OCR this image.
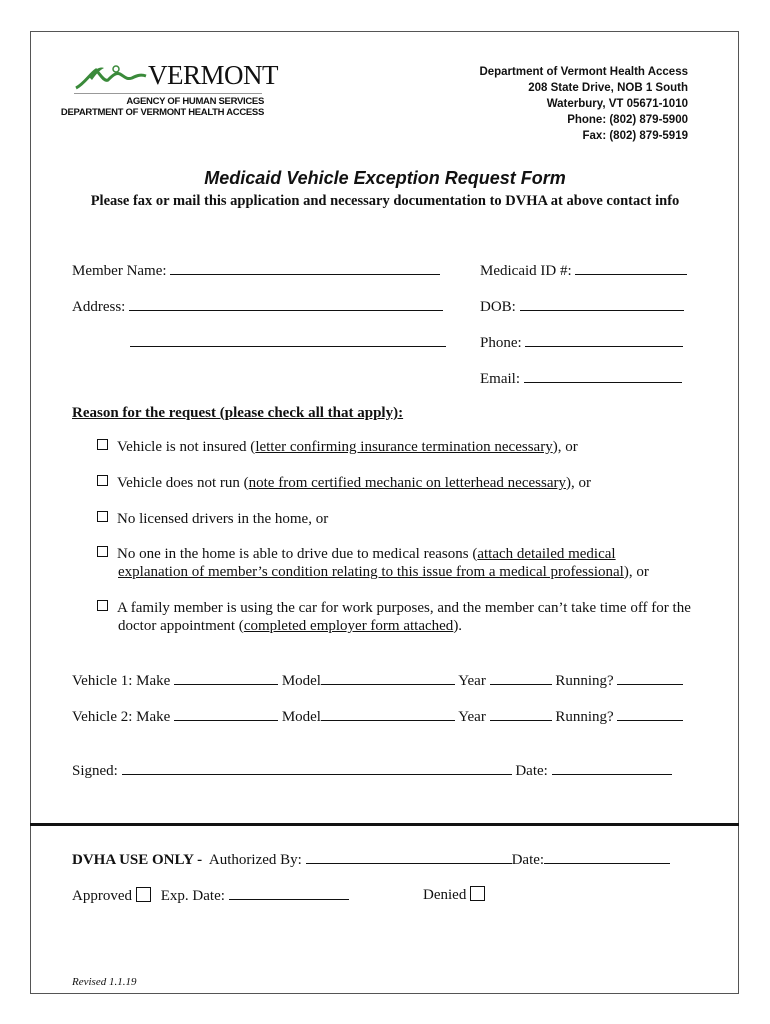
VERMONT
AGENCY OF HUMAN SERVICES
DEPARTMENT OF VERMONT HEALTH ACCESS
Department of Vermont Health Access
208 State Drive, NOB 1 South
Waterbury, VT 05671-1010
Phone: (802) 879-5900
Fax: (802) 879-5919
Medicaid Vehicle Exception Request Form
Please fax or mail this application and necessary documentation to DVHA at above contact info
Member Name:	Medicaid ID #:
Address:	DOB:
Phone:
Email:
Reason for the request (please check all that apply):
Vehicle is not insured (letter confirming insurance termination necessary), or
Vehicle does not run (note from certified mechanic on letterhead necessary), or
No licensed drivers in the home, or
No one in the home is able to drive due to medical reasons (attach detailed medical
explanation of member’s condition relating to this issue from a medical professional), or
A family member is using the car for work purposes, and the member can’t take time off for the
doctor appointment (completed employer form attached).
Vehicle 1: Make	Model	Year	Running?
Vehicle 2: Make	Model	Year	Running?
Signed:	Date:
DVHA USE ONLY - Authorized By:	Date:
Approved Exp. Date:	Denied
Revised 1.1.19
